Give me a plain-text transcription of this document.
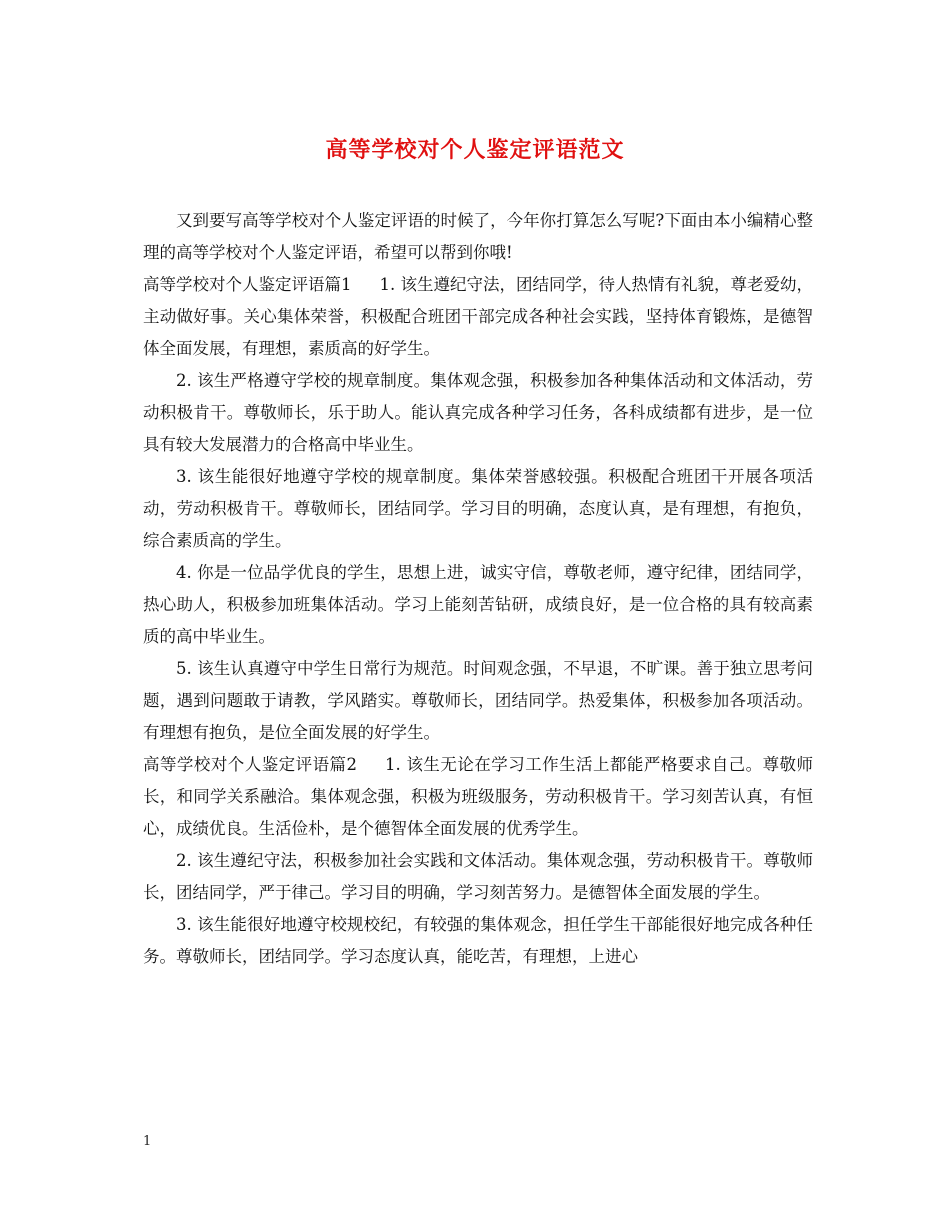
高等学校对个人鉴定评语范文

又到要写高等学校对个人鉴定评语的时候了，今年你打算怎么写呢?下面由本小编精心整理的高等学校对个人鉴定评语，希望可以帮到你哦!

高等学校对个人鉴定评语篇1 1. 该生遵纪守法，团结同学，待人热情有礼貌，尊老爱幼，主动做好事。关心集体荣誉，积极配合班团干部完成各种社会实践，坚持体育锻炼，是德智体全面发展，有理想，素质高的好学生。

2. 该生严格遵守学校的规章制度。集体观念强，积极参加各种集体活动和文体活动，劳动积极肯干。尊敬师长，乐于助人。能认真完成各种学习任务，各科成绩都有进步，是一位具有较大发展潜力的合格高中毕业生。

3. 该生能很好地遵守学校的规章制度。集体荣誉感较强。积极配合班团干开展各项活动，劳动积极肯干。尊敬师长，团结同学。学习目的明确，态度认真，是有理想，有抱负，综合素质高的学生。

4. 你是一位品学优良的学生，思想上进，诚实守信，尊敬老师，遵守纪律，团结同学，热心助人，积极参加班集体活动。学习上能刻苦钻研，成绩良好，是一位合格的具有较高素质的高中毕业生。

5. 该生认真遵守中学生日常行为规范。时间观念强，不早退，不旷课。善于独立思考问题，遇到问题敢于请教，学风踏实。尊敬师长，团结同学。热爱集体，积极参加各项活动。有理想有抱负，是位全面发展的好学生。

高等学校对个人鉴定评语篇2 1. 该生无论在学习工作生活上都能严格要求自己。尊敬师长，和同学关系融洽。集体观念强，积极为班级服务，劳动积极肯干。学习刻苦认真，有恒心，成绩优良。生活俭朴，是个德智体全面发展的优秀学生。

2. 该生遵纪守法，积极参加社会实践和文体活动。集体观念强，劳动积极肯干。尊敬师长，团结同学，严于律己。学习目的明确，学习刻苦努力。是德智体全面发展的学生。

3. 该生能很好地遵守校规校纪，有较强的集体观念，担任学生干部能很好地完成各种任务。尊敬师长，团结同学。学习态度认真，能吃苦，有理想，上进心

1
